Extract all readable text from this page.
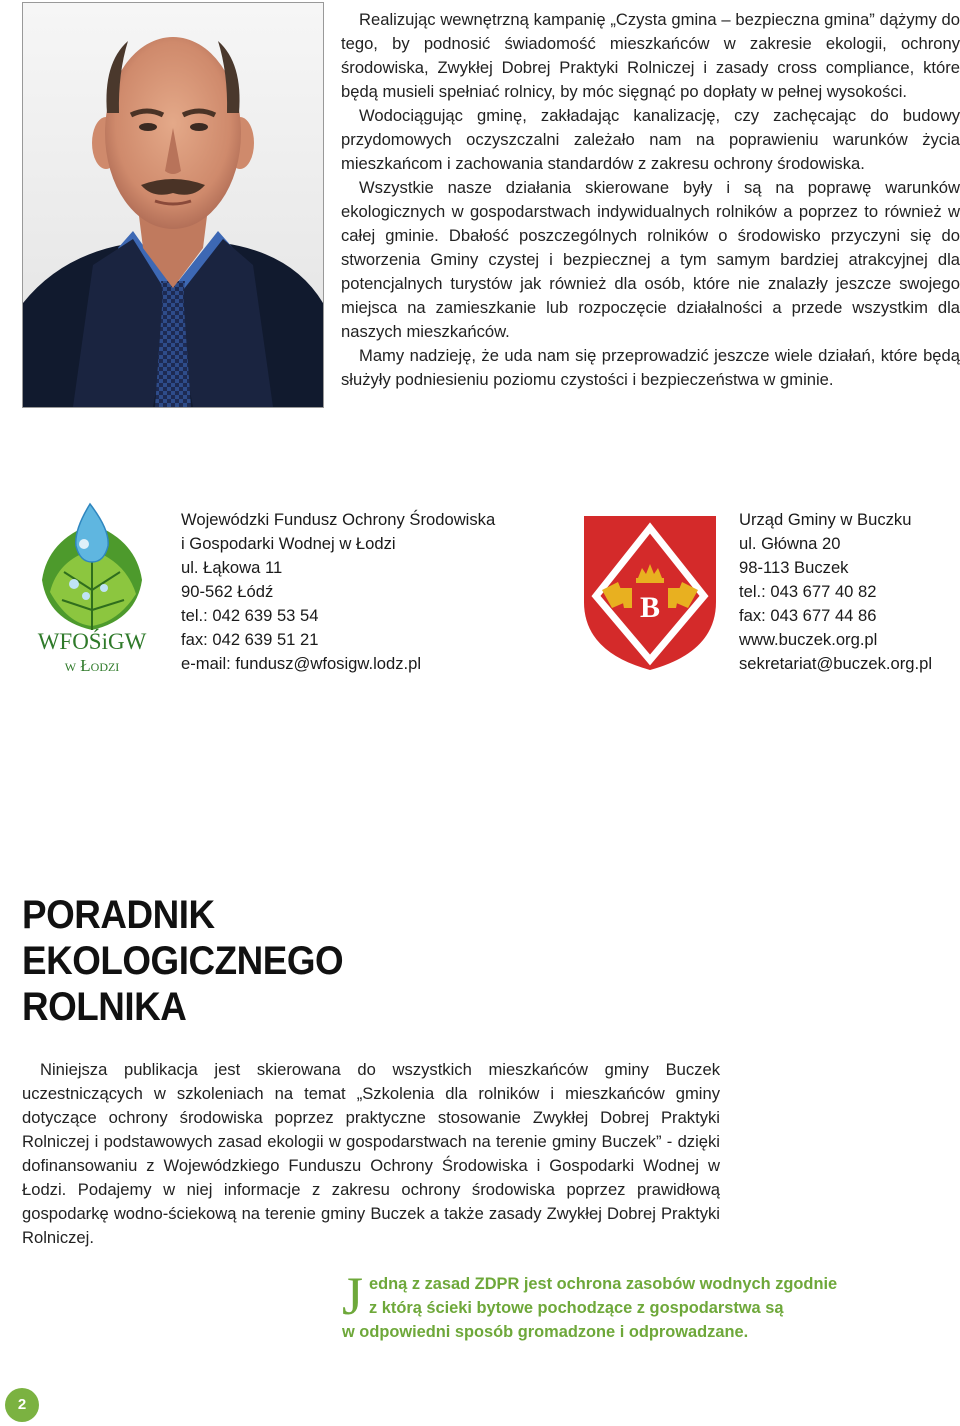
Realizując wewnętrzną kampanię „Czysta gmina – bezpieczna gmina” dążymy do tego, by podnosić świadomość mieszkańców w zakresie ekologii, ochrony środowiska, Zwykłej Dobrej Praktyki Rolniczej i zasady cross compliance, które będą musieli spełniać rolnicy, by móc sięgnąć po dopłaty w pełnej wysokości.

Wodociągując gminę, zakładając kanalizację, czy zachęcając do budowy przydomowych oczyszczalni zależało nam na poprawieniu warunków życia mieszkańcom i zachowania standardów z zakresu ochrony środowiska.

Wszystkie nasze działania skierowane były i są na poprawę warunków ekologicznych w gospodarstwach indywidualnych rolników a poprzez to również w całej gminie. Dbałość poszczególnych rolników o środowisko przyczyni się do stworzenia Gminy czystej i bezpiecznej a tym samym bardziej atrakcyjnej dla potencjalnych turystów jak również dla osób, które nie znalazły jeszcze swojego miejsca na zamieszkanie lub rozpoczęcie działalności a przede wszystkim dla naszych mieszkańców.

Mamy nadzieję, że uda nam się przeprowadzić jeszcze wiele działań, które będą służyły podniesieniu poziomu czystości i bezpieczeństwa w gminie.

WFOŚiGW
w Łodzi
Wojewódzki Fundusz Ochrony Środowiska
i Gospodarki Wodnej w Łodzi
ul. Łąkowa 11
90-562 Łódź
tel.: 042 639 53 54
fax: 042 639 51 21
e-mail: fundusz@wfosigw.lodz.pl
B
Urząd Gminy w Buczku
ul. Główna 20
98-113 Buczek
tel.: 043 677 40 82
fax: 043 677 44 86
www.buczek.org.pl
sekretariat@buczek.org.pl
PORADNIK
EKOLOGICZNEGO
ROLNIKA

Niniejsza publikacja jest skierowana do wszystkich mieszkańców gminy Buczek uczestniczących w szkoleniach na temat „Szkolenia dla rolników i mieszkańców gminy dotyczące ochrony środowiska poprzez praktyczne stosowanie Zwykłej Dobrej Praktyki Rolniczej i podstawowych zasad ekologii w gospodarstwach na terenie gminy Buczek” - dzięki dofinansowaniu z Wojewódzkiego Funduszu Ochrony Środowiska i Gospodarki Wodnej w Łodzi. Podajemy w niej informacje z zakresu ochrony środowiska poprzez prawidłową gospodarkę wodno-ściekową na terenie gminy Buczek a także zasady Zwykłej Dobrej Praktyki Rolniczej.

J edną z zasad ZDPR jest ochrona zasobów wodnych zgodnie
z którą ścieki bytowe pochodzące z gospodarstwa są
w odpowiedni sposób gromadzone i odprowadzane.
2
